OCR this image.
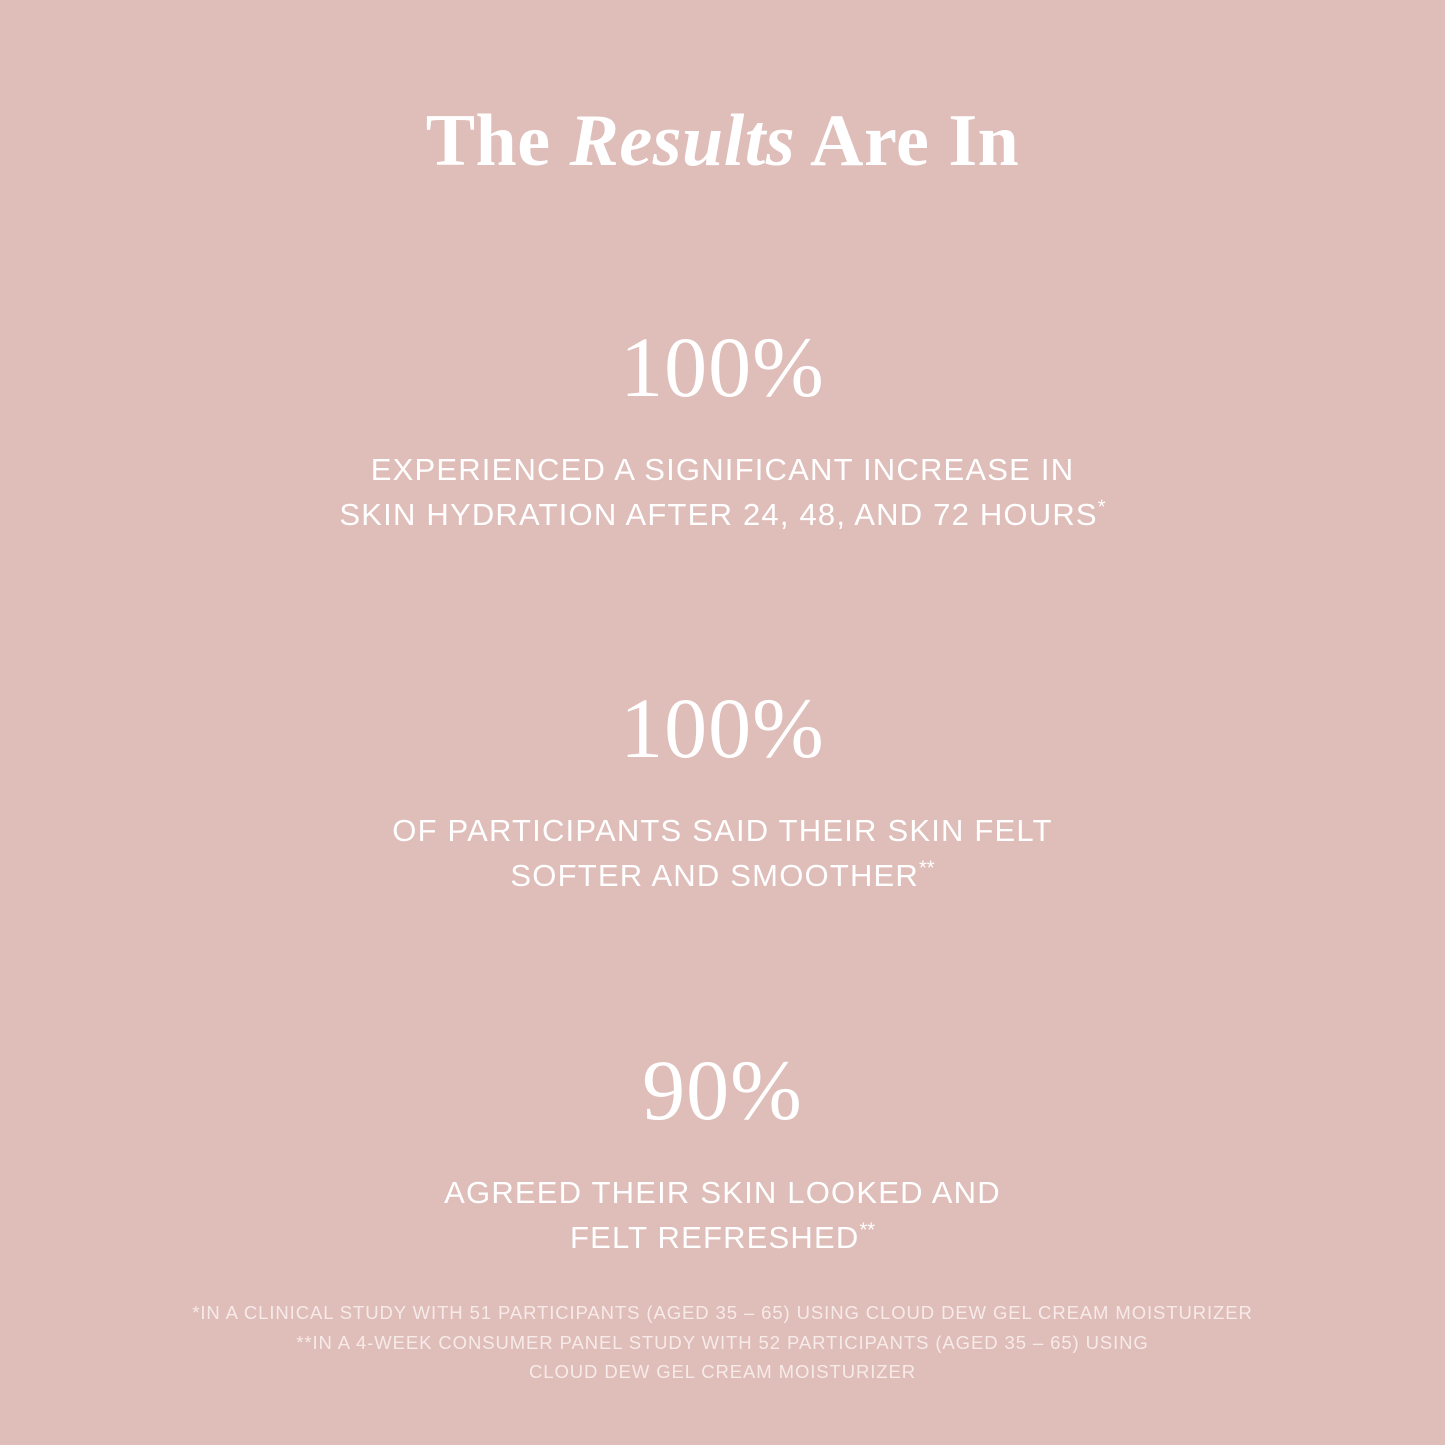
The Results Are In
100%
EXPERIENCED A SIGNIFICANT INCREASE IN
SKIN HYDRATION AFTER 24, 48, AND 72 HOURS*
100%
OF PARTICIPANTS SAID THEIR SKIN FELT
SOFTER AND SMOOTHER**
90%
AGREED THEIR SKIN LOOKED AND
FELT REFRESHED**
*IN A CLINICAL STUDY WITH 51 PARTICIPANTS (AGED 35 – 65) USING CLOUD DEW GEL CREAM MOISTURIZER
**IN A 4-WEEK CONSUMER PANEL STUDY WITH 52 PARTICIPANTS (AGED 35 – 65) USING
CLOUD DEW GEL CREAM MOISTURIZER
